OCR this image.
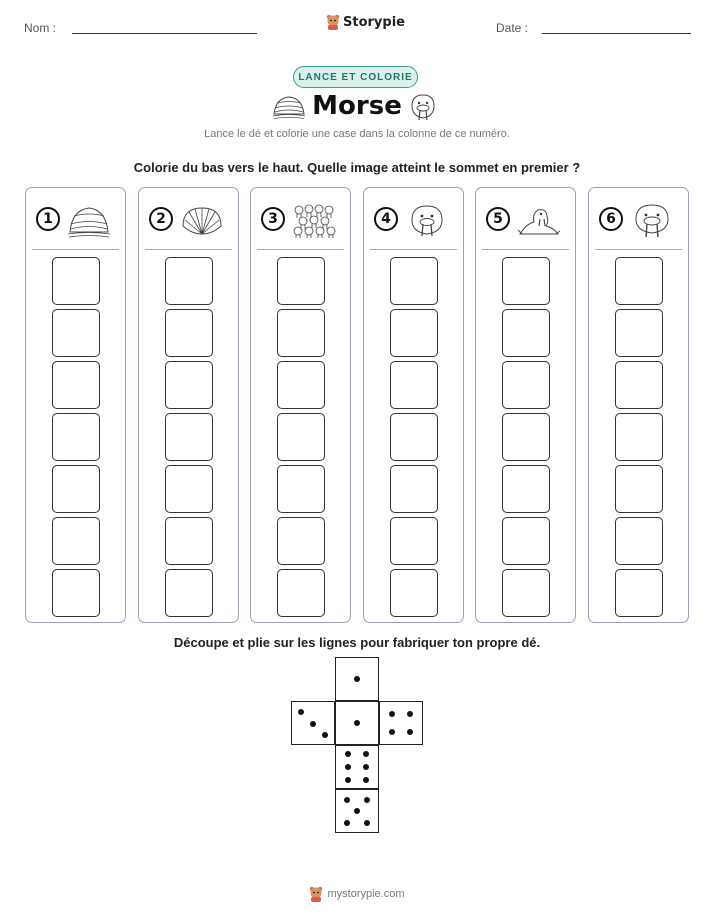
Nom :	Storypie	Date :
LANCE ET COLORIE
Morse
Lance le dé et colorie une case dans la colonne de ce numéro.
Colorie du bas vers le haut. Quelle image atteint le sommet en premier ?
1	2	3	4	5	6
Découpe et plie sur les lignes pour fabriquer ton propre dé.
mystorypie.com
